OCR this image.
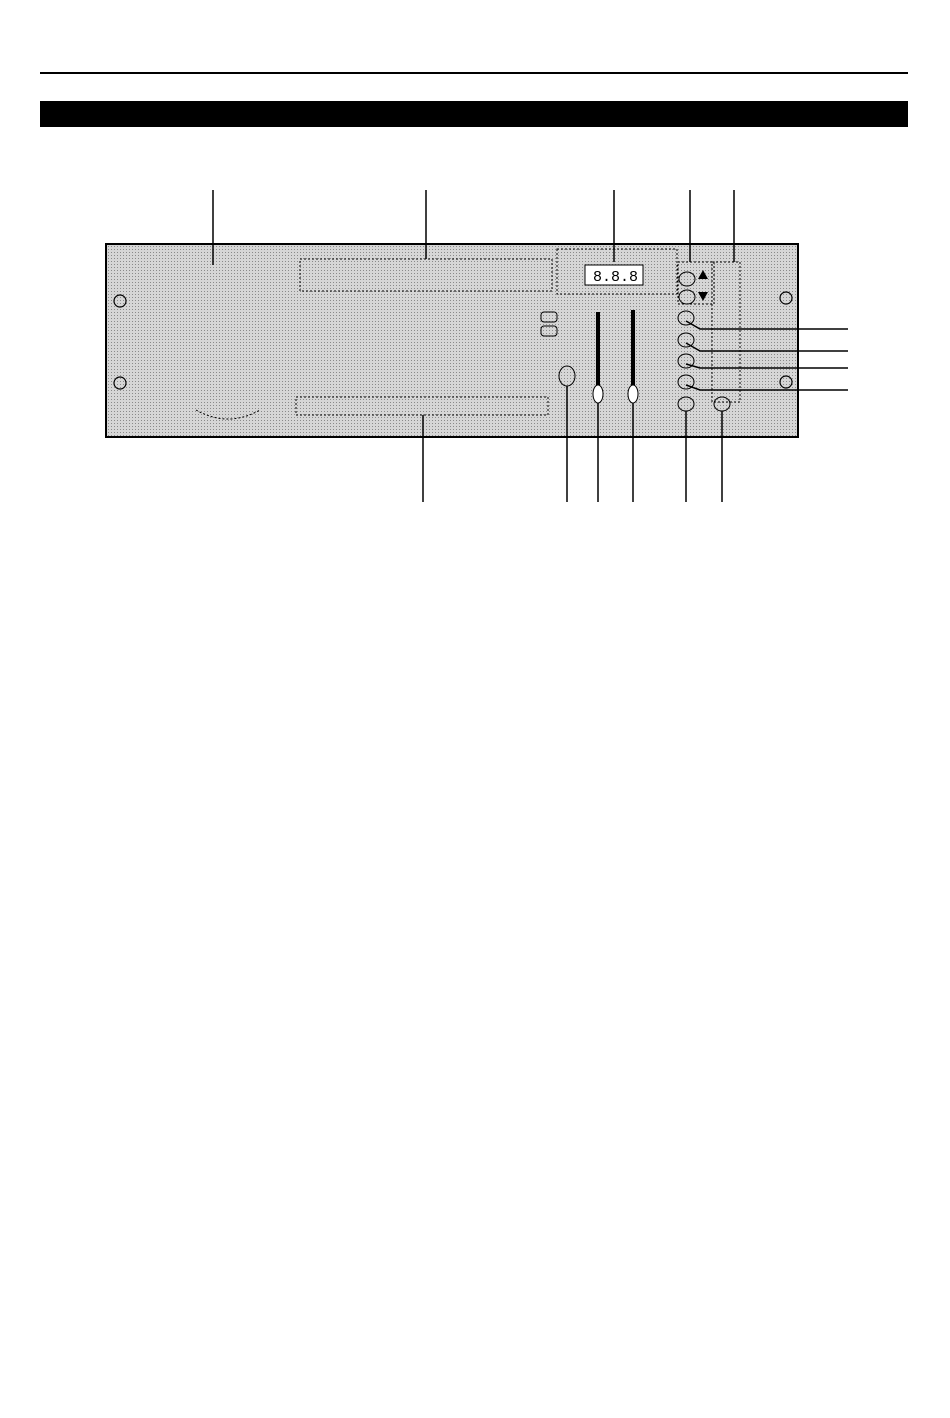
8.8.8
